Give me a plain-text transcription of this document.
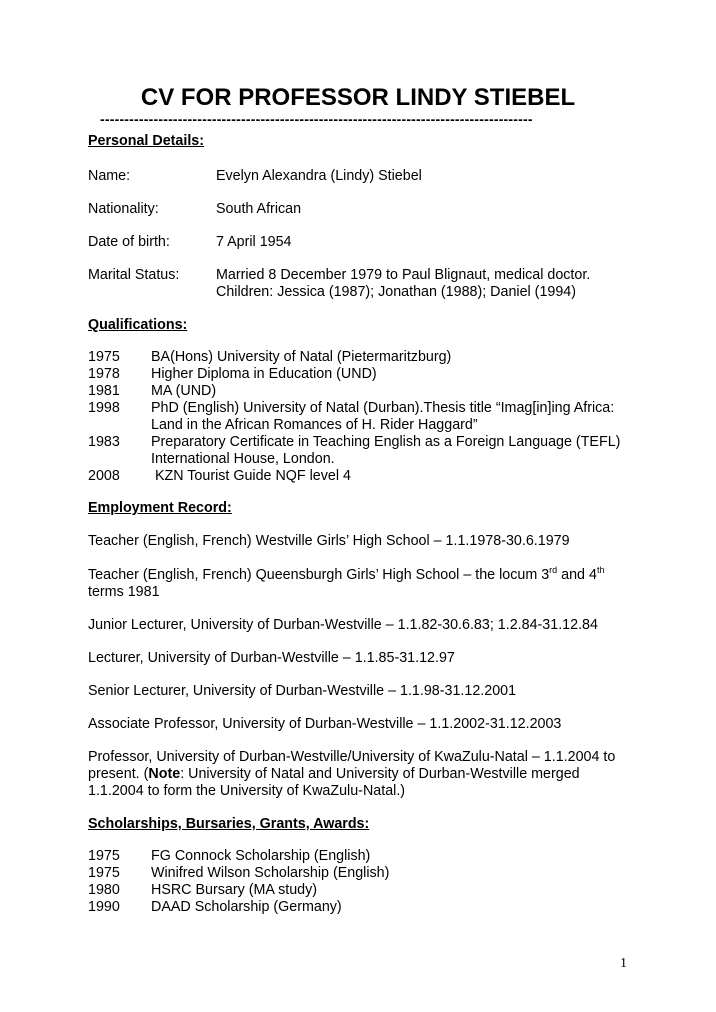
CV FOR PROFESSOR LINDY STIEBEL
-----------------------------------------------------------------------------------------
Personal Details:
Name:	Evelyn Alexandra (Lindy) Stiebel
Nationality:	South African
Date of birth:	7 April 1954
Marital Status:	Married 8 December 1979 to Paul Blignaut, medical doctor.
Children: Jessica (1987); Jonathan (1988); Daniel (1994)
Qualifications:
1975	BA(Hons) University of Natal (Pietermaritzburg)
1978	Higher Diploma in Education (UND)
1981	MA (UND)
1998	PhD (English) University of Natal (Durban).Thesis title “Imag[in]ing Africa:
Land in the African Romances of H. Rider Haggard”
1983	Preparatory Certificate in Teaching English as a Foreign Language (TEFL)
International House, London.
2008	KZN Tourist Guide NQF level 4
Employment Record:
Teacher (English, French) Westville Girls’ High School – 1.1.1978-30.6.1979
Teacher (English, French) Queensburgh Girls’ High School – the locum 3rd and 4th
terms 1981
Junior Lecturer, University of Durban-Westville – 1.1.82-30.6.83; 1.2.84-31.12.84
Lecturer, University of Durban-Westville – 1.1.85-31.12.97
Senior Lecturer, University of Durban-Westville – 1.1.98-31.12.2001
Associate Professor, University of Durban-Westville – 1.1.2002-31.12.2003
Professor, University of Durban-Westville/University of KwaZulu-Natal – 1.1.2004 to
present. (Note: University of Natal and University of Durban-Westville merged
1.1.2004 to form the University of KwaZulu-Natal.)
Scholarships, Bursaries, Grants, Awards:
1975	FG Connock Scholarship (English)
1975	Winifred Wilson Scholarship (English)
1980	HSRC Bursary (MA study)
1990	DAAD Scholarship (Germany)
1
